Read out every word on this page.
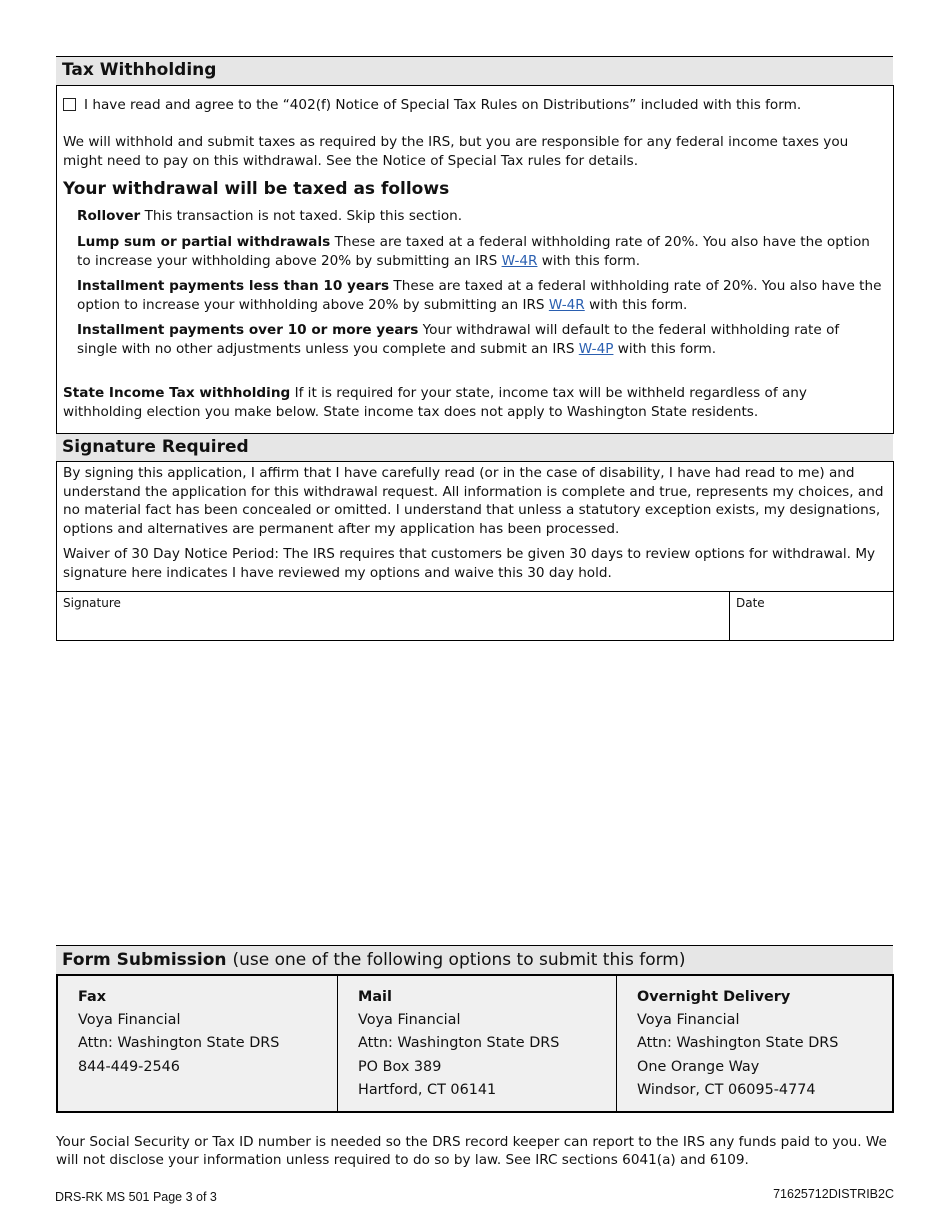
Tax Withholding
I have read and agree to the “402(f) Notice of Special Tax Rules on Distributions” included with this form.
We will withhold and submit taxes as required by the IRS, but you are responsible for any federal income taxes you might need to pay on this withdrawal. See the Notice of Special Tax rules for details.
Your withdrawal will be taxed as follows
Rollover This transaction is not taxed. Skip this section.
Lump sum or partial withdrawals These are taxed at a federal withholding rate of 20%. You also have the option to increase your withholding above 20% by submitting an IRS W-4R with this form.
Installment payments less than 10 years These are taxed at a federal withholding rate of 20%. You also have the option to increase your withholding above 20% by submitting an IRS W-4R with this form.
Installment payments over 10 or more years Your withdrawal will default to the federal withholding rate of single with no other adjustments unless you complete and submit an IRS W-4P with this form.
State Income Tax withholding If it is required for your state, income tax will be withheld regardless of any withholding election you make below. State income tax does not apply to Washington State residents.
Signature Required
By signing this application, I affirm that I have carefully read (or in the case of disability, I have had read to me) and understand the application for this withdrawal request. All information is complete and true, represents my choices, and no material fact has been concealed or omitted. I understand that unless a statutory exception exists, my designations, options and alternatives are permanent after my application has been processed.
Waiver of 30 Day Notice Period: The IRS requires that customers be given 30 days to review options for withdrawal. My signature here indicates I have reviewed my options and waive this 30 day hold.
Signature	Date
Form Submission (use one of the following options to submit this form)
Fax
Voya Financial
Attn: Washington State DRS
844-449-2546
Mail
Voya Financial
Attn: Washington State DRS
PO Box 389
Hartford, CT 06141
Overnight Delivery
Voya Financial
Attn: Washington State DRS
One Orange Way
Windsor, CT 06095-4774
Your Social Security or Tax ID number is needed so the DRS record keeper can report to the IRS any funds paid to you. We will not disclose your information unless required to do so by law. See IRC sections 6041(a) and 6109.
DRS-RK MS 501 Page 3 of 3	71625712DISTRIB2C
